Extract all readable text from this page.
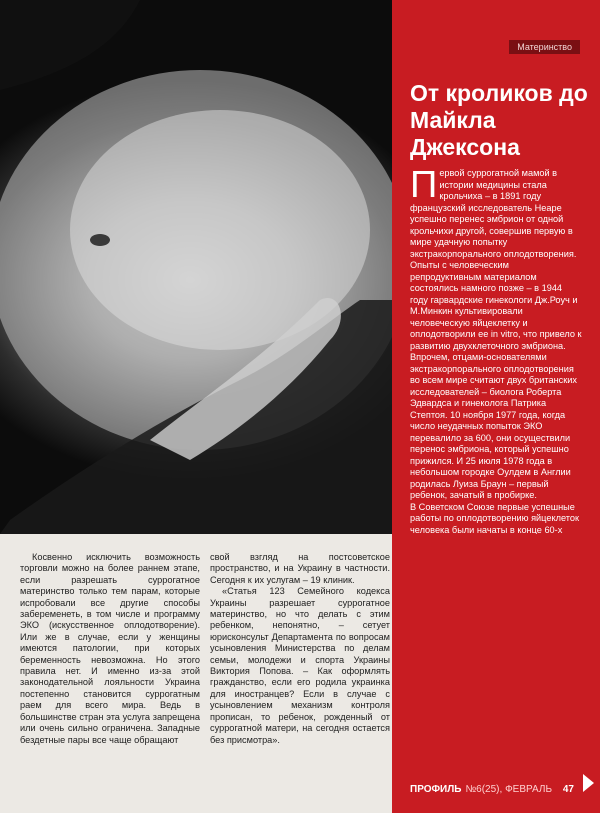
Материнство
От кроликов до Майкла Джексона

Первой суррогатной мамой в истории медицины стала крольчиха – в 1891 году французский исследователь Heape успешно перенес эмбрион от одной крольчихи другой, совершив первую в мире удачную попытку экстракорпорального оплодотворения. Опыты с человеческим репродуктивным материалом состоялись намного позже – в 1944 году гарвардские гинекологи Дж.Роуч и М.Минкин культивировали человеческую яйцеклетку и оплодотворили ее in vitro, что привело к развитию двухклеточного эмбриона. Впрочем, отцами-основателями экстракорпорального оплодотворения во всем мире считают двух британских исследователей – биолога Роберта Эдвардса и гинеколога Патрика Стептоя. 10 ноября 1977 года, когда число неудачных попыток ЭКО перевалило за 600, они осуществили перенос эмбриона, который успешно прижился. И 25 июля 1978 года в небольшом городке Оулдем в Англии родилась Луиза Браун – первый ребенок, зачатый в пробирке.

В Советском Союзе первые успешные работы по оплодотворению яйцеклеток человека были начаты в конце 60-х

Косвенно исключить возможность торговли можно на более раннем этапе, если разрешать суррогатное материнство только тем парам, которые испробовали все другие способы забеременеть, в том числе и программу ЭКО (искусственное оплодотворение). Или же в случае, если у женщины имеются патологии, при которых беременность невозможна. Но этого правила нет. И именно из-за этой законодательной лояльности Украина постепенно становится суррогатным раем для всего мира. Ведь в большинстве стран эта услуга запрещена или очень сильно ограничена. Западные бездетные пары все чаще обращают

свой взгляд на постсоветское пространство, и на Украину в частности. Сегодня к их услугам – 19 клиник.

«Статья 123 Семейного кодекса Украины разрешает суррогатное материнство, но что делать с этим ребенком, непонятно, – сетует юрисконсульт Департамента по вопросам усыновления Министерства по делам семьи, молодежи и спорта Украины Виктория Попова. – Как оформлять гражданство, если его родила украинка для иностранцев? Если в случае с усыновлением механизм контроля прописан, то ребенок, рожденный от суррогатной матери, на сегодня остается без присмотра».

ПРОФИЛЬ №6(25), ФЕВРАЛЬ 47
